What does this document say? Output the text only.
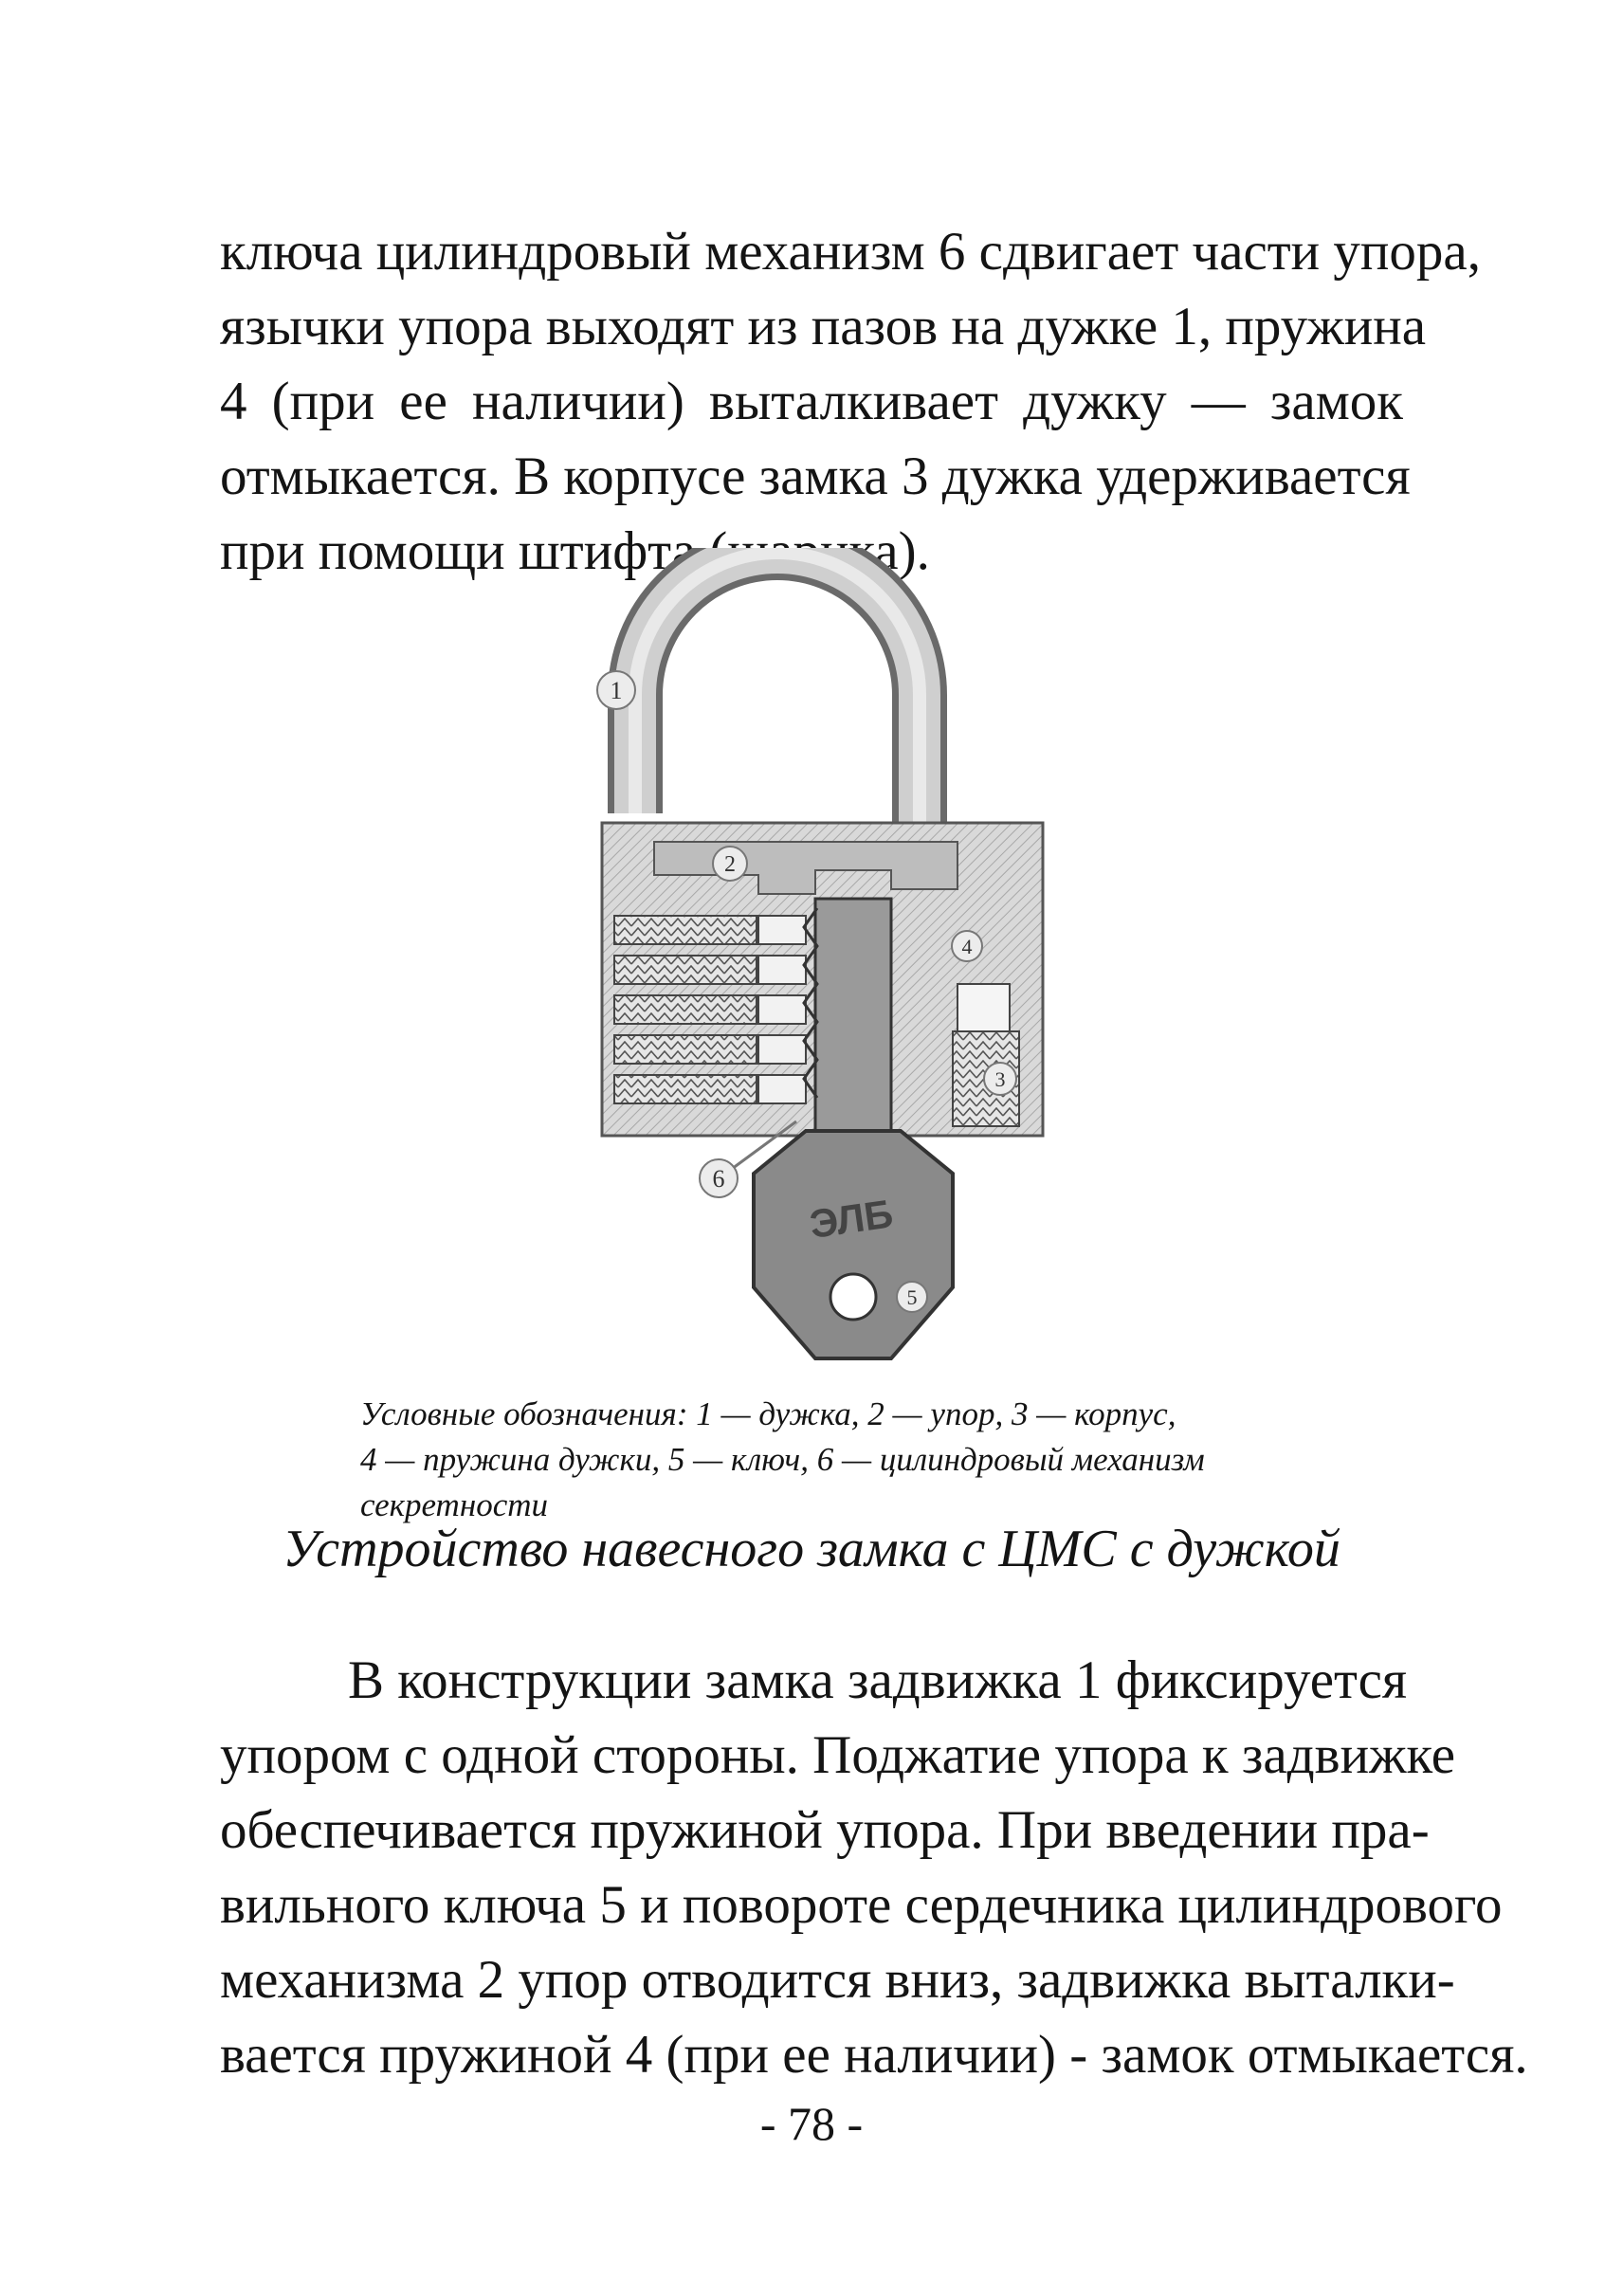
ключа цилиндровый механизм 6 сдвигает части упора,
язычки упора выходят из пазов на дужке 1, пружина
4 (при ее наличии) выталкивает дужку — замок
отмыкается. В корпусе замка 3 дужка удерживается
при помощи штифта (шарика).
ЭЛБ
1
2
3
4
5
6
Условные обозначения: 1 — дужка, 2 — упор, 3 — корпус,
4 — пружина дужки, 5 — ключ, 6 — цилиндровый механизм
секретности

Устройство навесного замка с ЦМС с дужкой

В конструкции замка задвижка 1 фиксируется
упором с одной стороны. Поджатие упора к задвижке
обеспечивается пружиной упора. При введении пра-
вильного ключа 5 и повороте сердечника цилиндрового
механизма 2 упор отводится вниз, задвижка выталки-
вается пружиной 4 (при ее наличии) - замок отмыкается.

- 78 -
